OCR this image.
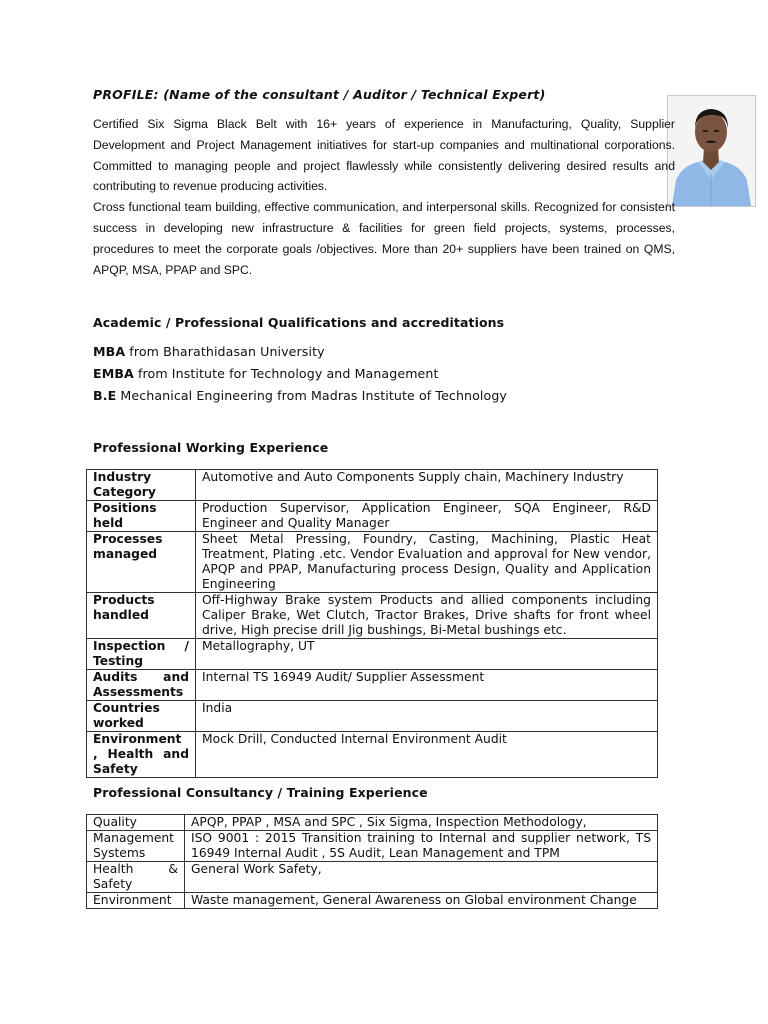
PROFILE: (Name of the consultant / Auditor / Technical Expert)

Certified Six Sigma Black Belt with 16+ years of experience in Manufacturing, Quality, Supplier Development and Project Management initiatives for start-up companies and multinational corporations. Committed to managing people and project flawlessly while consistently delivering desired results and contributing to revenue producing activities.

Cross functional team building, effective communication, and interpersonal skills. Recognized for consistent success in developing new infrastructure & facilities for green field projects, systems, processes, procedures to meet the corporate goals /objectives. More than 20+ suppliers have been trained on QMS, APQP, MSA, PPAP and SPC.

Academic / Professional Qualifications and accreditations
MBA from Bharathidasan University
EMBA from Institute for Technology and Management
B.E Mechanical Engineering from Madras Institute of Technology
Professional Working Experience
Industry Category	Automotive and Auto Components Supply chain, Machinery Industry
Positions held	Production Supervisor, Application Engineer, SQA Engineer, R&D Engineer and Quality Manager
Processes managed	Sheet Metal Pressing, Foundry, Casting, Machining, Plastic Heat Treatment, Plating .etc. Vendor Evaluation and approval for New vendor, APQP and PPAP, Manufacturing process Design, Quality and Application Engineering
Products handled	Off-Highway Brake system Products and allied components including Caliper Brake, Wet Clutch, Tractor Brakes, Drive shafts for front wheel drive, High precise drill Jig bushings, Bi-Metal bushings etc.
Inspection / Testing	Metallography, UT
Audits and Assessments	Internal TS 16949 Audit/ Supplier Assessment
Countries worked	India
Environment , Health and Safety	Mock Drill, Conducted Internal Environment Audit
Professional Consultancy / Training Experience
Quality	APQP, PPAP , MSA and SPC , Six Sigma, Inspection Methodology,
Management Systems	ISO 9001 : 2015 Transition training to Internal and supplier network, TS 16949 Internal Audit , 5S Audit, Lean Management and TPM
Health & Safety	General Work Safety,
Environment	Waste management, General Awareness on Global environment Change
